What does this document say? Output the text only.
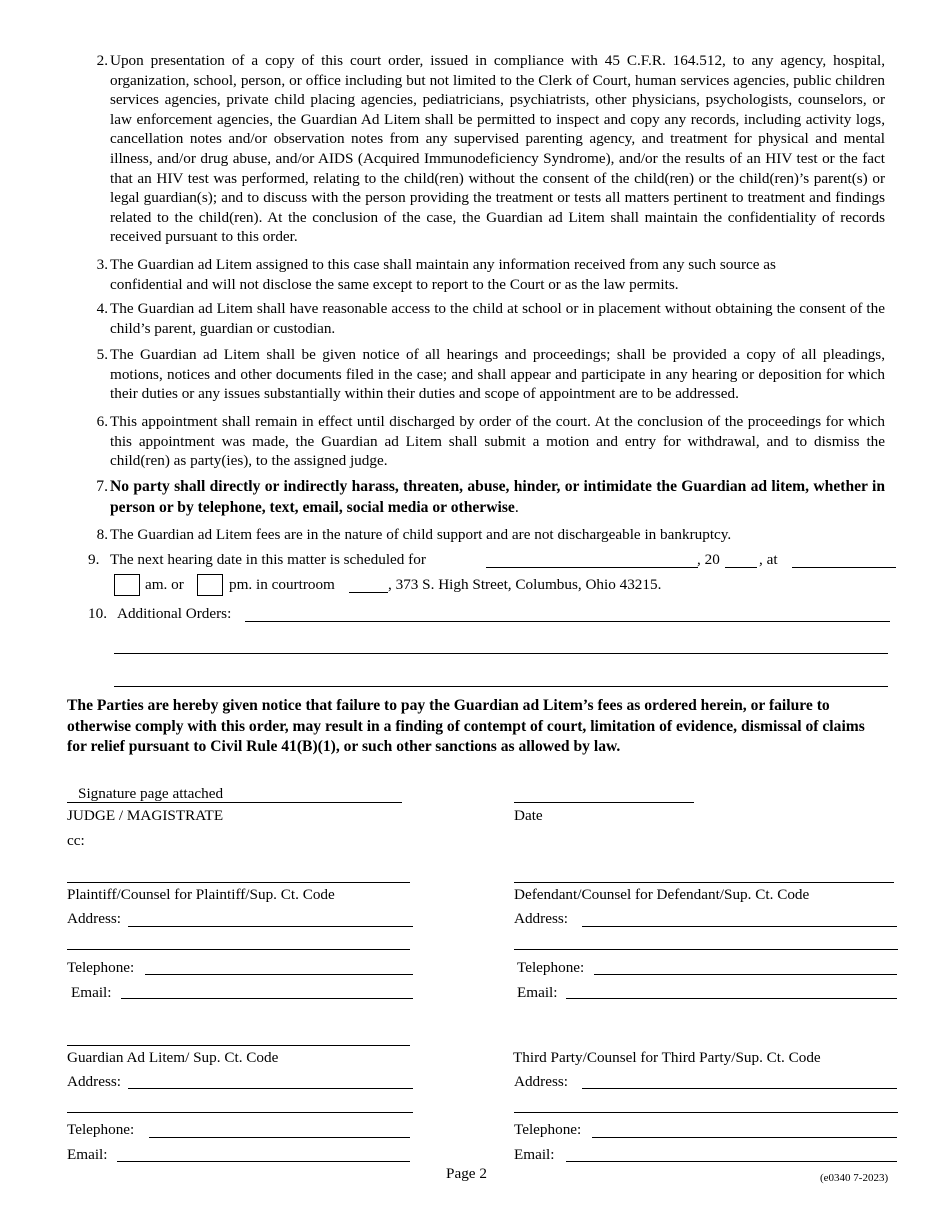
2. Upon presentation of a copy of this court order, issued in compliance with 45 C.F.R. 164.512, to any agency, hospital, organization, school, person, or office including but not limited to the Clerk of Court, human services agencies, public children services agencies, private child placing agencies, pediatricians, psychiatrists, other physicians, psychologists, counselors, or law enforcement agencies, the Guardian Ad Litem shall be permitted to inspect and copy any records, including activity logs, cancellation notes and/or observation notes from any supervised parenting agency, and treatment for physical and mental illness, and/or drug abuse, and/or AIDS (Acquired Immunodeficiency Syndrome), and/or the results of an HIV test or the fact that an HIV test was performed, relating to the child(ren) without the consent of the child(ren) or the child(ren)’s parent(s) or legal guardian(s); and to discuss with the person providing the treatment or tests all matters pertinent to treatment and findings related to the child(ren). At the conclusion of the case, the Guardian ad Litem shall maintain the confidentiality of records received pursuant to this order.
3. The Guardian ad Litem assigned to this case shall maintain any information received from any such source as confidential and will not disclose the same except to report to the Court or as the law permits.
4. The Guardian ad Litem shall have reasonable access to the child at school or in placement without obtaining the consent of the child’s parent, guardian or custodian.
5. The Guardian ad Litem shall be given notice of all hearings and proceedings; shall be provided a copy of all pleadings, motions, notices and other documents filed in the case; and shall appear and participate in any hearing or deposition for which their duties or any issues substantially within their duties and scope of appointment are to be addressed.
6. This appointment shall remain in effect until discharged by order of the court. At the conclusion of the proceedings for which this appointment was made, the Guardian ad Litem shall submit a motion and entry for withdrawal, and to dismiss the child(ren) as party(ies), to the assigned judge.
7. No party shall directly or indirectly harass, threaten, abuse, hinder, or intimidate the Guardian ad litem, whether in person or by telephone, text, email, social media or otherwise.
8. The Guardian ad Litem fees are in the nature of child support and are not dischargeable in bankruptcy.
9. The next hearing date in this matter is scheduled for	, 20	, at
am. or	pm. in courtroom	, 373 S. High Street, Columbus, Ohio 43215.
10. Additional Orders:
The Parties are hereby given notice that failure to pay the Guardian ad Litem’s fees as ordered herein, or failure to otherwise comply with this order, may result in a finding of contempt of court, limitation of evidence, dismissal of claims for relief pursuant to Civil Rule 41(B)(1), or such other sanctions as allowed by law.
Signature page attached
JUDGE / MAGISTRATE	Date
cc:
Plaintiff/Counsel for Plaintiff/Sup. Ct. Code
Address:
Telephone:
Email:
Defendant/Counsel for Defendant/Sup. Ct. Code
Address:
Telephone:
Email:
Guardian Ad Litem/ Sup. Ct. Code
Address:
Telephone:
Email:
Third Party/Counsel for Third Party/Sup. Ct. Code
Address:
Telephone:
Email:
Page 2	(e0340 7-2023)
